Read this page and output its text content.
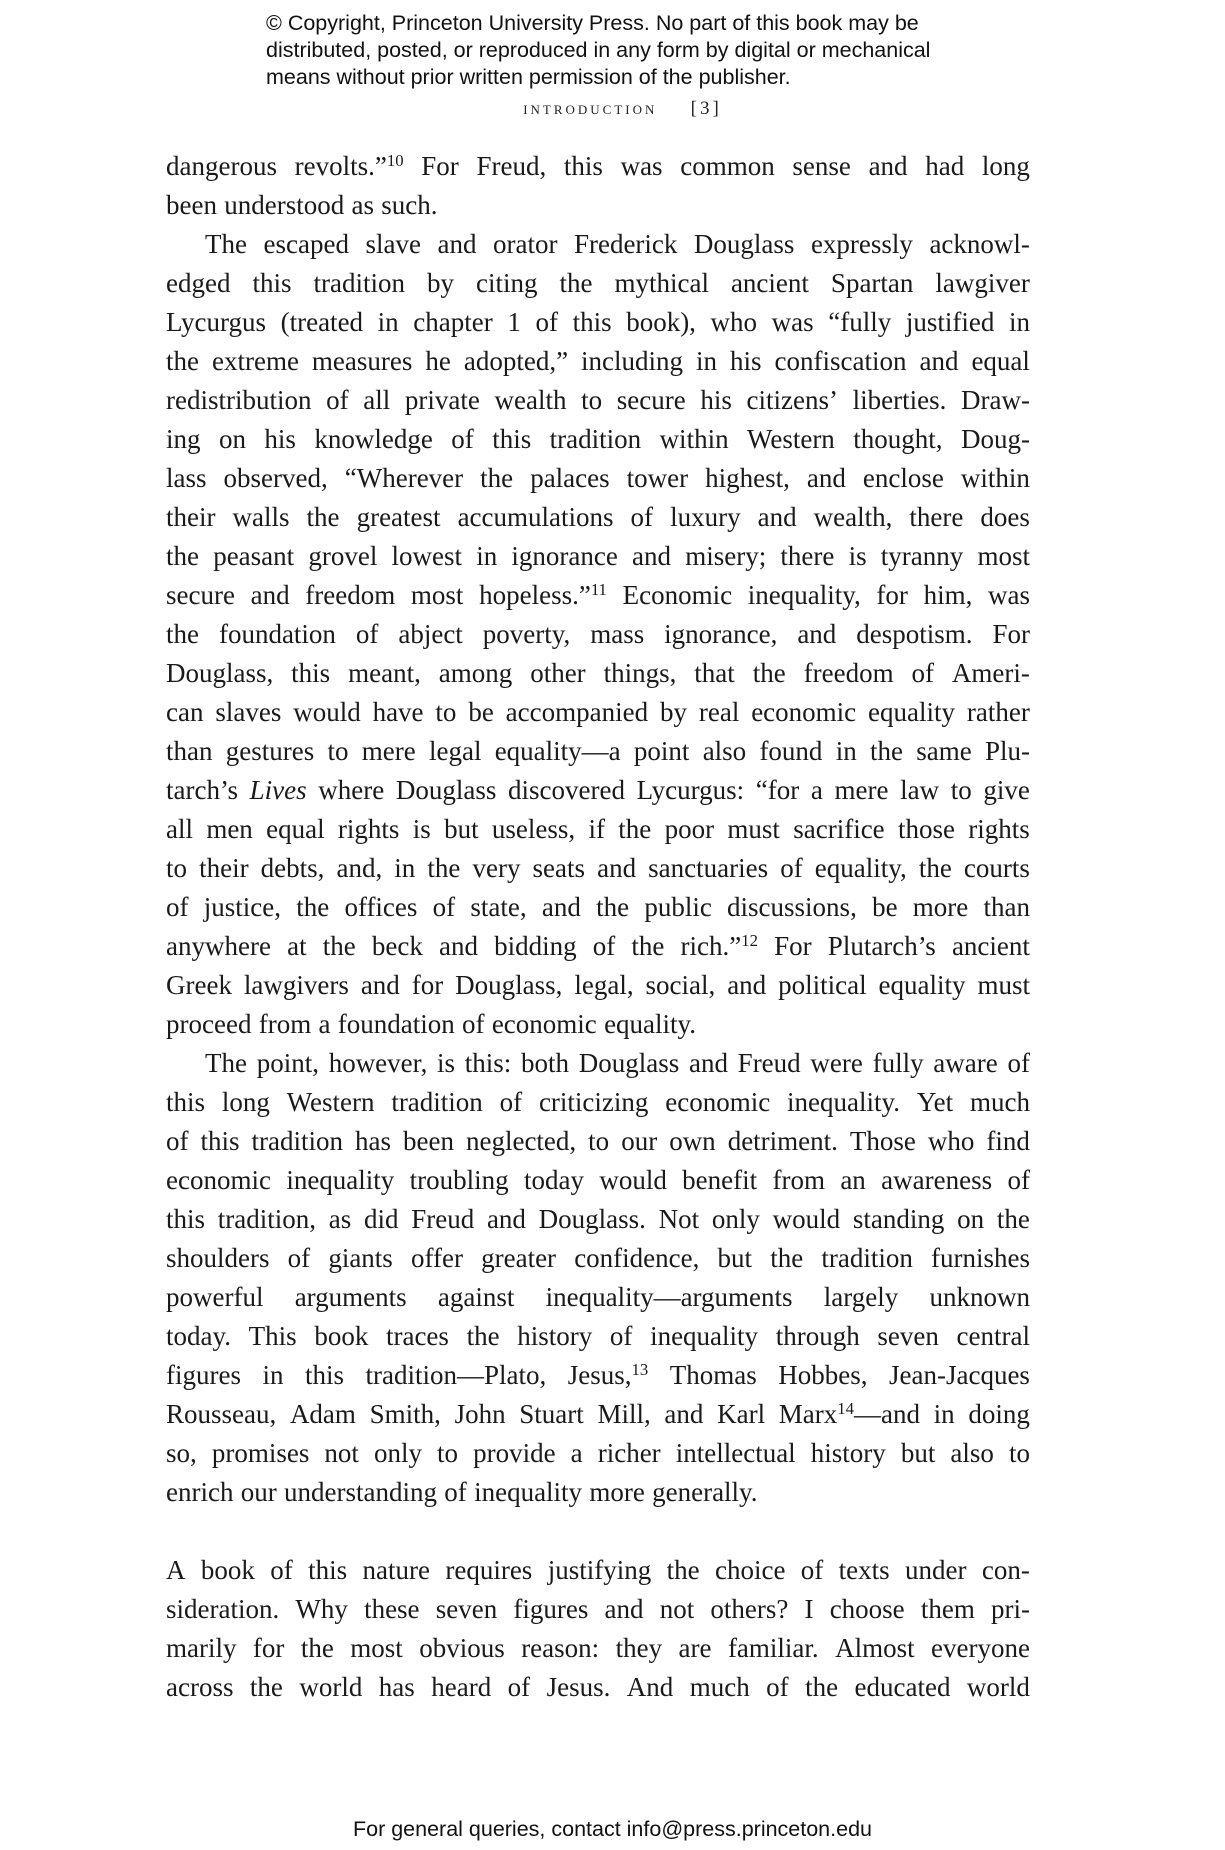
© Copyright, Princeton University Press. No part of this book may be
distributed, posted, or reproduced in any form by digital or mechanical
means without prior written permission of the publisher.
introduction [3]
dangerous revolts.”$^{10}$ For Freud, this was common sense and had long
been understood as such.
The escaped slave and orator Frederick Douglass expressly acknowl-
edged this tradition by citing the mythical ancient Spartan lawgiver
Lycurgus (treated in chapter 1 of this book), who was “fully justified in
the extreme measures he adopted,” including in his confiscation and equal
redistribution of all private wealth to secure his citizens’ liberties. Draw-
ing on his knowledge of this tradition within Western thought, Doug-
lass observed, “Wherever the palaces tower highest, and enclose within
their walls the greatest accumulations of luxury and wealth, there does
the peasant grovel lowest in ignorance and misery; there is tyranny most
secure and freedom most hopeless.”$^{11}$ Economic inequality, for him, was
the foundation of abject poverty, mass ignorance, and despotism. For
Douglass, this meant, among other things, that the freedom of Ameri-
can slaves would have to be accompanied by real economic equality rather
than gestures to mere legal equality—a point also found in the same Plu-
tarch’s Lives where Douglass discovered Lycurgus: “for a mere law to give
all men equal rights is but useless, if the poor must sacrifice those rights
to their debts, and, in the very seats and sanctuaries of equality, the courts
of justice, the offices of state, and the public discussions, be more than
anywhere at the beck and bidding of the rich.”$^{12}$ For Plutarch’s ancient
Greek lawgivers and for Douglass, legal, social, and political equality must
proceed from a foundation of economic equality.
The point, however, is this: both Douglass and Freud were fully aware of
this long Western tradition of criticizing economic inequality. Yet much
of this tradition has been neglected, to our own detriment. Those who find
economic inequality troubling today would benefit from an awareness of
this tradition, as did Freud and Douglass. Not only would standing on the
shoulders of giants offer greater confidence, but the tradition furnishes
powerful arguments against inequality—arguments largely unknown
today. This book traces the history of inequality through seven central
figures in this tradition—Plato, Jesus,$^{13}$ Thomas Hobbes, Jean-Jacques
Rousseau, Adam Smith, John Stuart Mill, and Karl Marx$^{14}$—and in doing
so, promises not only to provide a richer intellectual history but also to
enrich our understanding of inequality more generally.
A book of this nature requires justifying the choice of texts under con-
sideration. Why these seven figures and not others? I choose them pri-
marily for the most obvious reason: they are familiar. Almost everyone
across the world has heard of Jesus. And much of the educated world
For general queries, contact info@press.princeton.edu
